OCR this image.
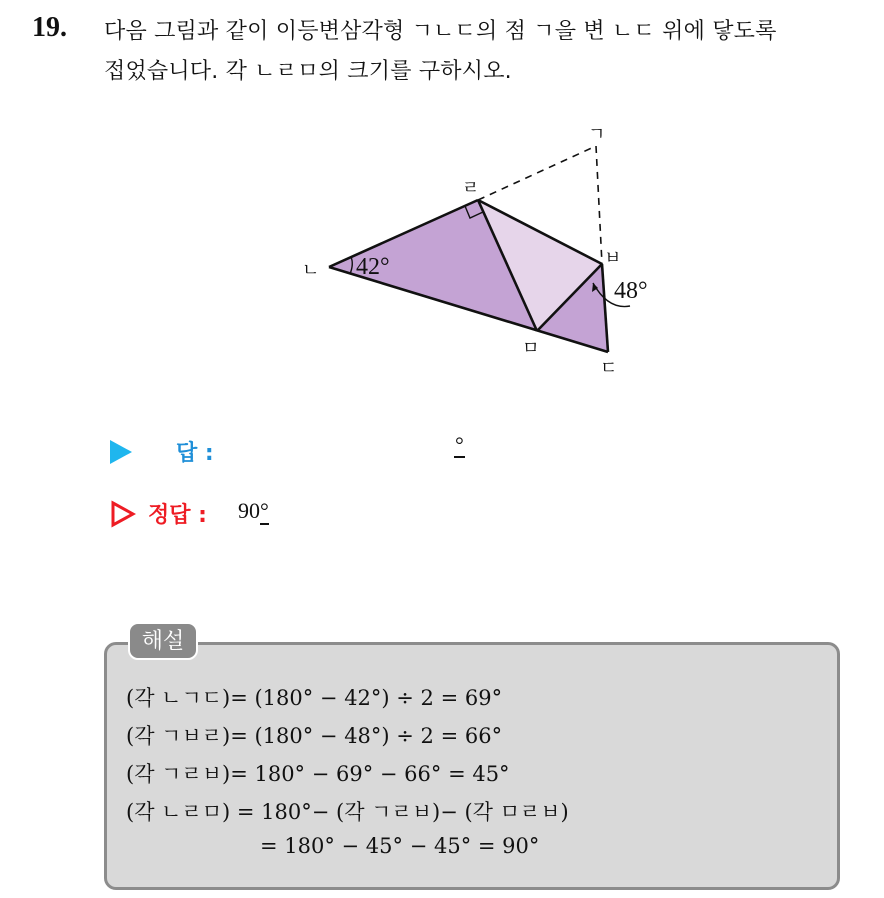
19. 다음 그림과 같이 이등변삼각형 ㄱㄴㄷ의 점 ㄱ을 변 ㄴㄷ 위에 닿도록
접었습니다. 각 ㄴㄹㅁ의 크기를 구하시오.
ㄱ
ㄹ
ㄴ
ㅂ
ㅁ
ㄷ
42°
48°
답 :	°
정답 : 90°
해설
(각 ㄴㄱㄷ)= (180° − 42°) ÷ 2 = 69°
(각 ㄱㅂㄹ)= (180° − 48°) ÷ 2 = 66°
(각 ㄱㄹㅂ)= 180° − 69° − 66° = 45°
(각 ㄴㄹㅁ) = 180°− (각 ㄱㄹㅂ)− (각 ㅁㄹㅂ)
= 180° − 45° − 45° = 90°
